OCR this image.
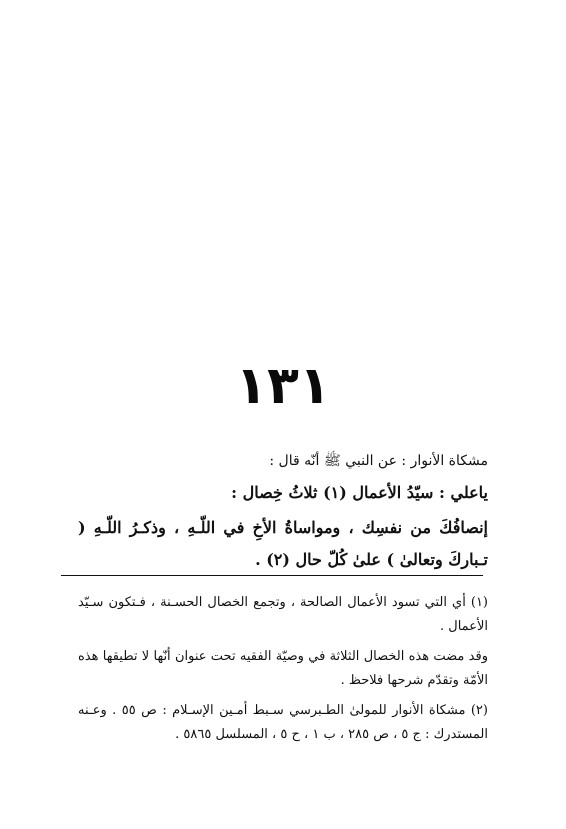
١٣١
مشكاة الأنوار : عن النبي ﷺ أنّه قال :
ياعلي : سيّدُ الأعمال (١) ثلاثُ خِصال :
إنصافُكَ من نفسِك ، ومواساةُ الأخِ في اللّـهِ ، وذكـرُ اللّـهِ ( تـباركَ وتعالىٰ ) علىٰ كُلّ حال (٢) .

(١) أي التي تسود الأعمال الصالحة ، وتجمع الخصال الحسـنة ، فـتكون سـيّد الأعمال .

وقد مضت هذه الخصال الثلاثة في وصيّة الفقيه تحت عنوان أنّها لا تطيقها هذه الأمّة وتقدّم شرحها فلاحظ .

(٢) مشكاة الأنوار للمولىٰ الطـبرسي سـبط أمـين الإسـلام : ص ٥٥ . وعـنه المستدرك : ج ٥ ، ص ٢٨٥ ، ب ١ ، ح ٥ ، المسلسل ٥٨٦٥ .
